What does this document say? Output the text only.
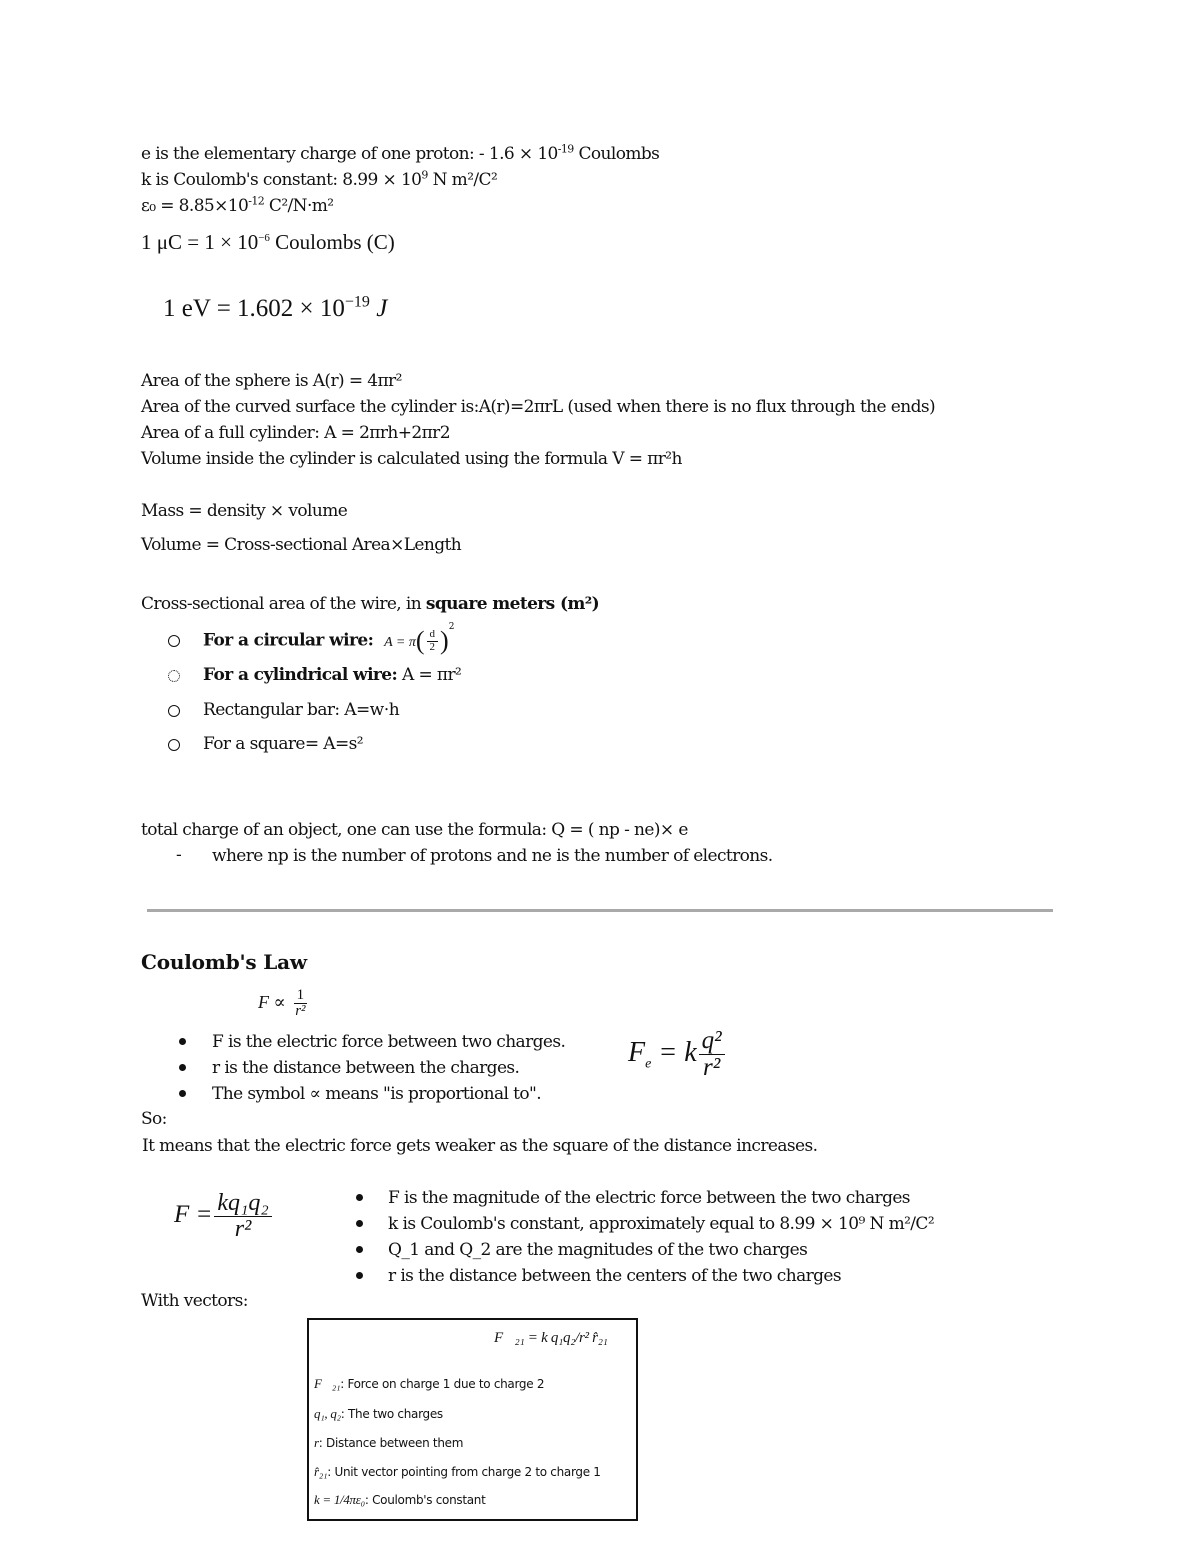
e is the elementary charge of one proton: - $1.6 \times 10^{-19}$ Coulombs
k is Coulomb's constant: $8.99 \times 10^9$ N m²/C²
$\varepsilon_0 = 8.85\times 10^{-12}$ C²/N·m²
1 $\mu C = 1 \times 10^{-6}$ Coulombs (C)
1 eV = $1.602 \times 10^{-19}$ J
Area of the sphere is A(r) = 4πr²
Area of the curved surface the cylinder is:A(r)=2πrL (used when there is no flux through the ends)
Area of a full cylinder: A = 2πrh+2πr2
Volume inside the cylinder is calculated using the formula V = πr²h
Mass = density × volume
Volume = Cross-sectional Area×Length
Cross-sectional area of the wire, in square meters (m²)
For a circular wire: $A = \pi( \frac{d}{2} )^2$
For a cylindrical wire: A = πr²
Rectangular bar: A=w⋅h
For a square= A=s²
total charge of an object, one can use the formula: Q = ( np - ne)× e
- where np is the number of protons and ne is the number of electrons.
Coulomb's Law
$F \propto \frac{1}{\text{r²}}$
F is the electric force between two charges.
r is the distance between the charges.
The symbol ∝ means "is proportional to".
$F_e = k \frac{\text{q²}}{\text{r²}}$
So:
It means that the electric force gets weaker as the square of the distance increases.
$F = \frac{\text{kq₁q₂}}{\text{r²}}$	F is the magnitude of the electric force between the two charges
k is Coulomb's constant, approximately equal to 8.99 × 10⁹ N m²/C²
Q_1 and Q_2 are the magnitudes of the two charges
r is the distance between the centers of the two charges
With vectors:
F⃗₂₁ = k q₁q₂/r² r̂₂₁
F⃗₂₁: Force on charge 1 due to charge 2
q₁, q₂: The two charges
r: Distance between them
r̂₂₁: Unit vector pointing from charge 2 to charge 1
k = 1/4πε₀: Coulomb's constant
